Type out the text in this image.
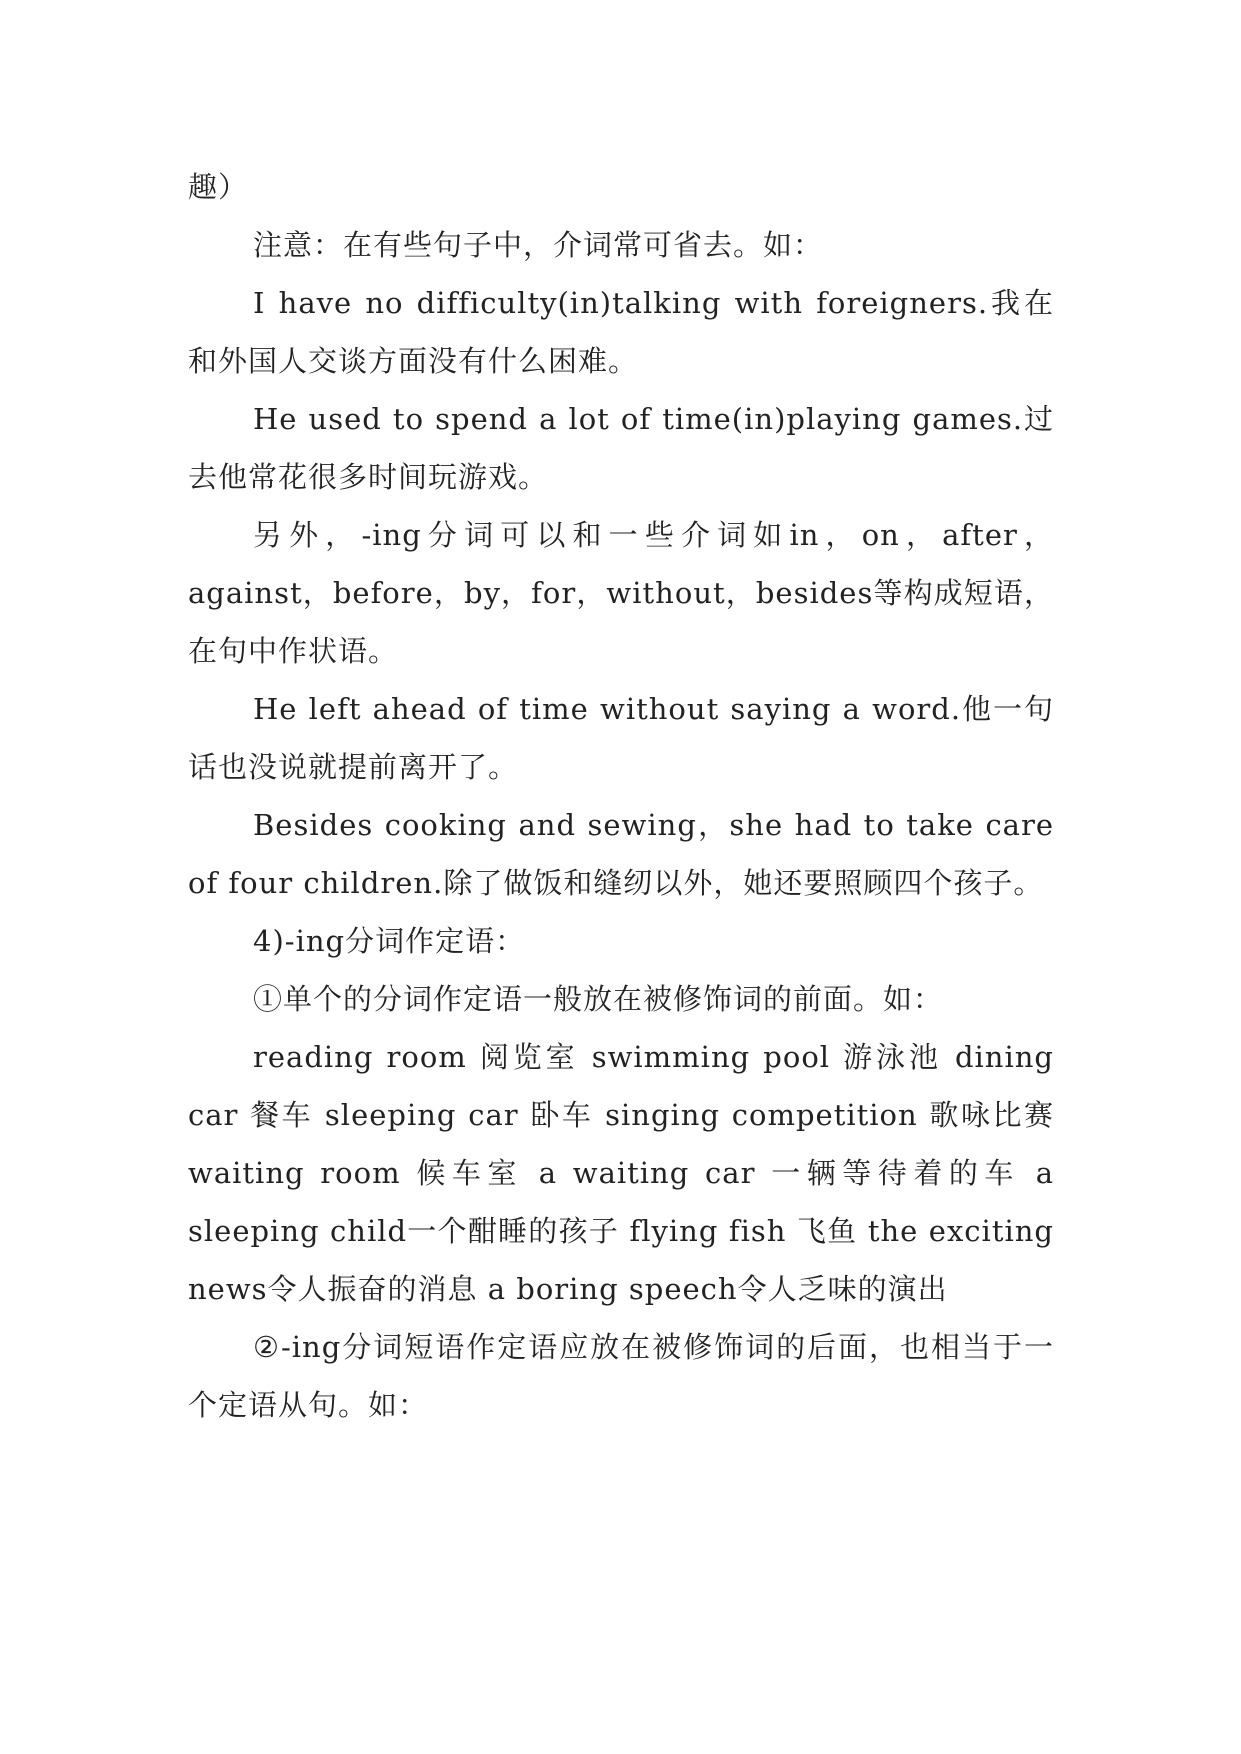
趣）

注意：在有些句子中，介词常可省去。如：

I have no difficulty(in)talking with foreigners.我在和外国人交谈方面没有什么困难。

He used to spend a lot of time(in)playing games.过去他常花很多时间玩游戏。

另外，-ing分词可以和一些介词如in，on，after，against，before，by，for，without，besides等构成短语，在句中作状语。

He left ahead of time without saying a word.他一句话也没说就提前离开了。

Besides cooking and sewing，she had to take care of four children.除了做饭和缝纫以外，她还要照顾四个孩子。

4)-ing分词作定语：

①单个的分词作定语一般放在被修饰词的前面。如：

reading room 阅览室 swimming pool 游泳池 dining car 餐车 sleeping car 卧车 singing competition 歌咏比赛 waiting room 候车室 a waiting car 一辆等待着的车 a sleeping child一个酣睡的孩子 flying fish 飞鱼 the exciting news令人振奋的消息 a boring speech令人乏味的演出

②-ing分词短语作定语应放在被修饰词的后面，也相当于一个定语从句。如：
